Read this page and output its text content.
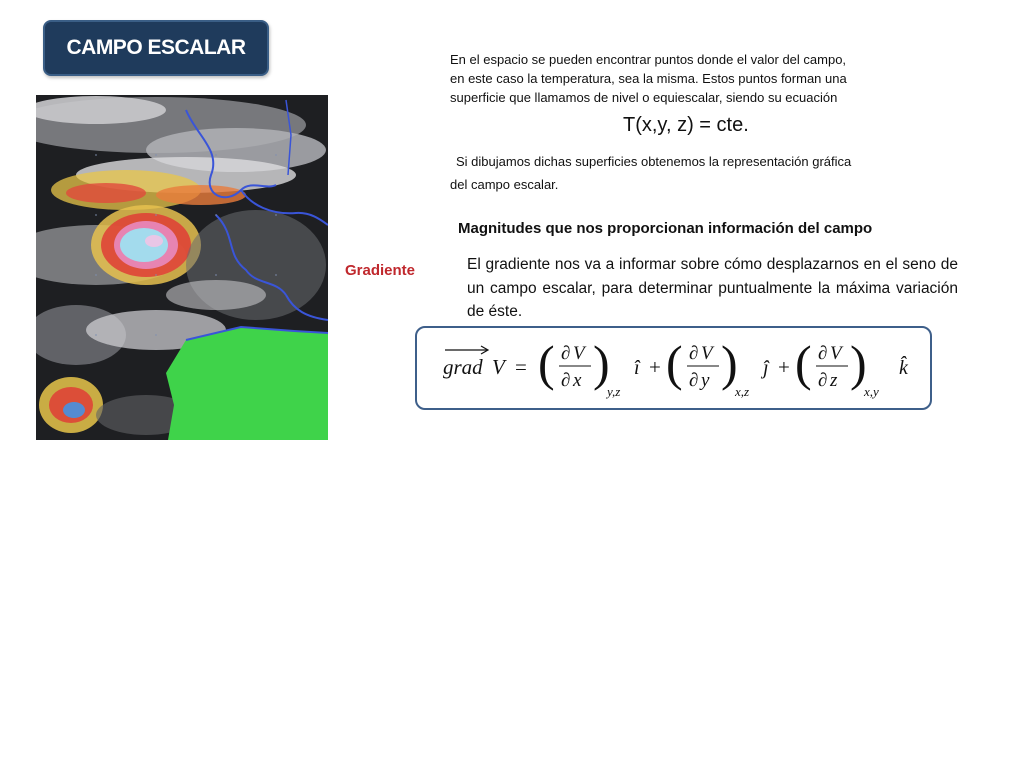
CAMPO ESCALAR
En el espacio se pueden encontrar puntos donde el valor del campo,
en este caso la temperatura, sea la misma. Estos puntos forman una
superficie que llamamos de nivel o equiescalar, siendo su ecuación
T(x,y, z) = cte.
Si dibujamos dichas superficies obtenemos la representación gráfica
del campo escalar.
Magnitudes que nos proporcionan información del campo
Gradiente	El gradiente nos va a informar sobre cómo desplazarnos en el seno de un campo escalar, para determinar puntualmente la máxima variación de éste.
grad V = ( ∂ V
∂ x )
y,z
î + ( ∂ V
∂ y )
x,z
ĵ + ( ∂ V
∂ z )
x,y
k̂
